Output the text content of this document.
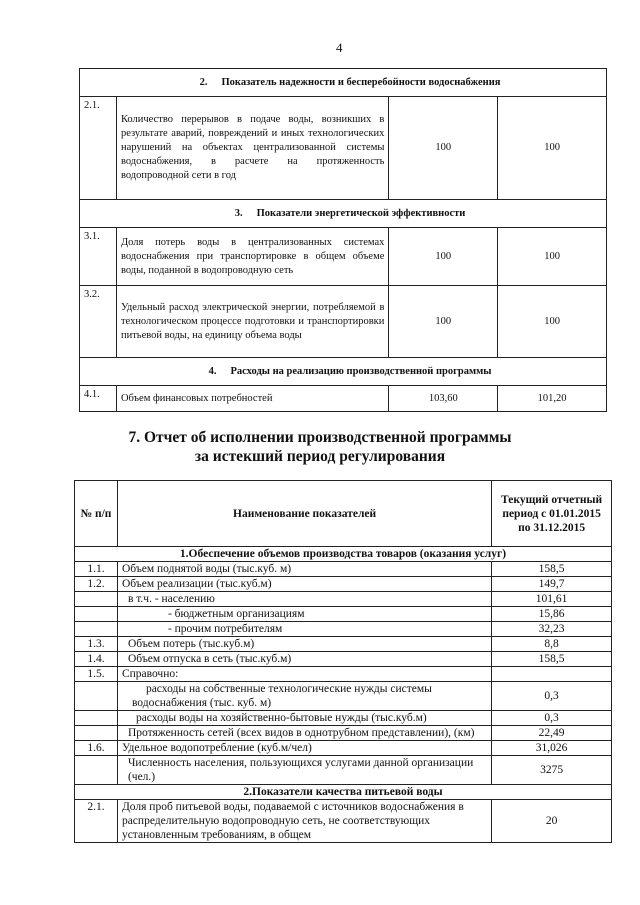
4
2. Показатель надежности и бесперебойности водоснабжения			
2.1.	Количество перерывов в подаче воды, возникших в результате аварий, повреждений и иных технологических нарушений на объектах централизованной системы водоснабжения, в расчете на протяженность водопроводной сети в год	100	100
3. Показатели энергетической эффективности			
3.1.	Доля потерь воды в централизованных системах водоснабжения при транспортировке в общем объеме воды, поданной в водопроводную сеть	100	100
3.2.	Удельный расход электрической энергии, потребляемой в технологическом процессе подготовки и транспортировки питьевой воды, на единицу объема воды	100	100
4. Расходы на реализацию производственной программы			
4.1.	Объем финансовых потребностей	103,60	101,20
7. Отчет об исполнении производственной программы
за истекший период регулирования
№ п/п	Наименование показателей	Текущий отчетный период с 01.01.2015 по 31.12.2015
1.Обеспечение объемов производства товаров (оказания услуг)		
1.1.	Объем поднятой воды (тыс.куб. м)	158,5
1.2.	Объем реализации (тыс.куб.м)	149,7
	в т.ч. - населению	101,61
	- бюджетным организациям	15,86
	- прочим потребителям	32,23
1.3.	Объем потерь (тыс.куб.м)	8,8
1.4.	Объем отпуска в сеть (тыс.куб.м)	158,5
1.5.	Справочно:	

	расходы на собственные технологические нужды системы водоснабжения (тыс. куб. м)	0,3
	расходы воды на хозяйственно-бытовые нужды (тыс.куб.м)	0,3
	Протяженность сетей (всех видов в однотрубном представлении), (км)	22,49
1.6.	Удельное водопотребление (куб.м/чел)	31,026
	Численность населения, пользующихся услугами данной организации (чел.)	3275
2.Показатели качества питьевой воды		
2.1.	Доля проб питьевой воды, подаваемой с источников водоснабжения в распределительную водопроводную сеть, не соответствующих установленным требованиям, в общем	20
